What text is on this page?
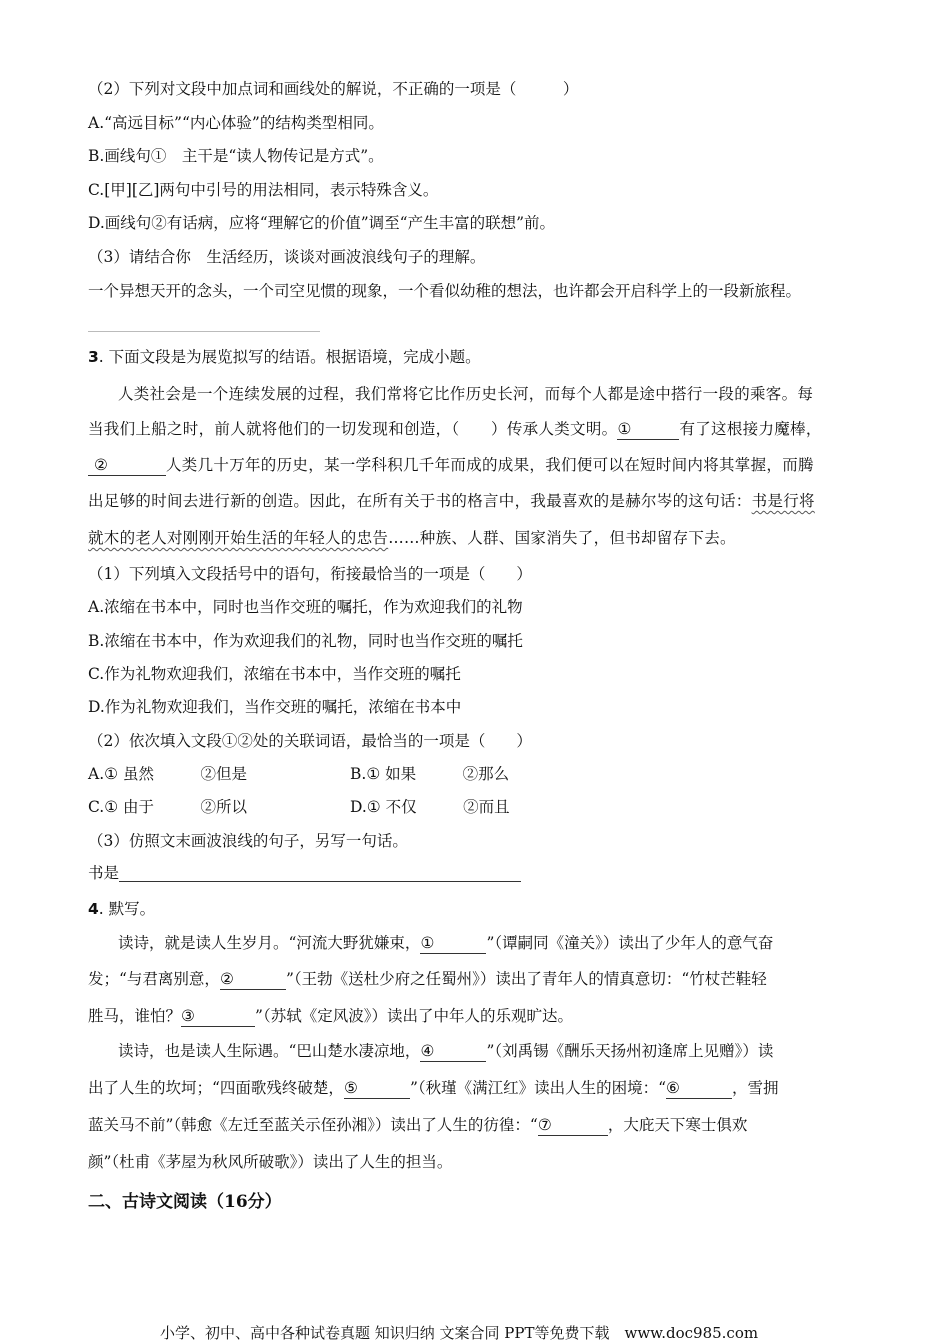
（2）下列对文段中加点词和画线处的解说，不正确的一项是（　　　）
A.“高远目标”“内心体验”的结构类型相同。
B.画线句①　主干是“读人物传记是方式”。
C.[甲][乙]两句中引号的用法相同，表示特殊含义。
D.画线句②有话病，应将“理解它的价值”调至“产生丰富的联想”前。
（3）请结合你　生活经历，谈谈对画波浪线句子的理解。
一个异想天开的念头，一个司空见惯的现象，一个看似幼稚的想法，也许都会开启科学上的一段新旅程。
3. 下面文段是为展览拟写的结语。根据语境，完成小题。
人类社会是一个连续发展的过程，我们常将它比作历史长河，而每个人都是途中搭行一段的乘客。每
当我们上船之时，前人就将他们的一切发现和创造，（　　）传承人类文明。①	有了这根接力魔棒，
②	人类几十万年的历史，某一学科积几千年而成的成果，我们便可以在短时间内将其掌握，而腾
出足够的时间去进行新的创造。因此，在所有关于书的格言中，我最喜欢的是赫尔岑的这句话：书是行将
就木的老人对刚刚开始生活的年轻人的忠告……种族、人群、国家消失了，但书却留存下去。
（1）下列填入文段括号中的语句，衔接最恰当的一项是（　　）
A.浓缩在书本中，同时也当作交班的嘱托，作为欢迎我们的礼物
B.浓缩在书本中，作为欢迎我们的礼物，同时也当作交班的嘱托
C.作为礼物欢迎我们，浓缩在书本中，当作交班的嘱托
D.作为礼物欢迎我们，当作交班的嘱托，浓缩在书本中
（2）依次填入文段①②处的关联词语，最恰当的一项是（　　）
A.① 虽然　　　②但是	B.① 如果　　　②那么
C.① 由于　　　②所以	D.① 不仅　　　②而且
（3）仿照文末画波浪线的句子，另写一句话。
书是
4. 默写。
读诗，就是读人生岁月。“河流大野犹嫌束，①	”（谭嗣同《潼关》）读出了少年人的意气奋
发；“与君离别意，②	”（王勃《送杜少府之任蜀州》）读出了青年人的情真意切：“竹杖芒鞋轻
胜马，谁怕？③	”（苏轼《定风波》）读出了中年人的乐观旷达。
读诗，也是读人生际遇。“巴山楚水凄凉地，④	”（刘禹锡《酬乐天扬州初逢席上见赠》）读
出了人生的坎坷；“四面歌残终破楚，⑤	”（秋瑾《满江红》读出人生的困境：“⑥	，雪拥
蓝关马不前”（韩愈《左迁至蓝关示侄孙湘》）读出了人生的彷徨：“⑦	，大庇天下寒士俱欢
颜”（杜甫《茅屋为秋风所破歌》）读出了人生的担当。
二、古诗文阅读（16分）
小学、初中、高中各种试卷真题 知识归纳 文案合同 PPT等免费下载　www.doc985.com
